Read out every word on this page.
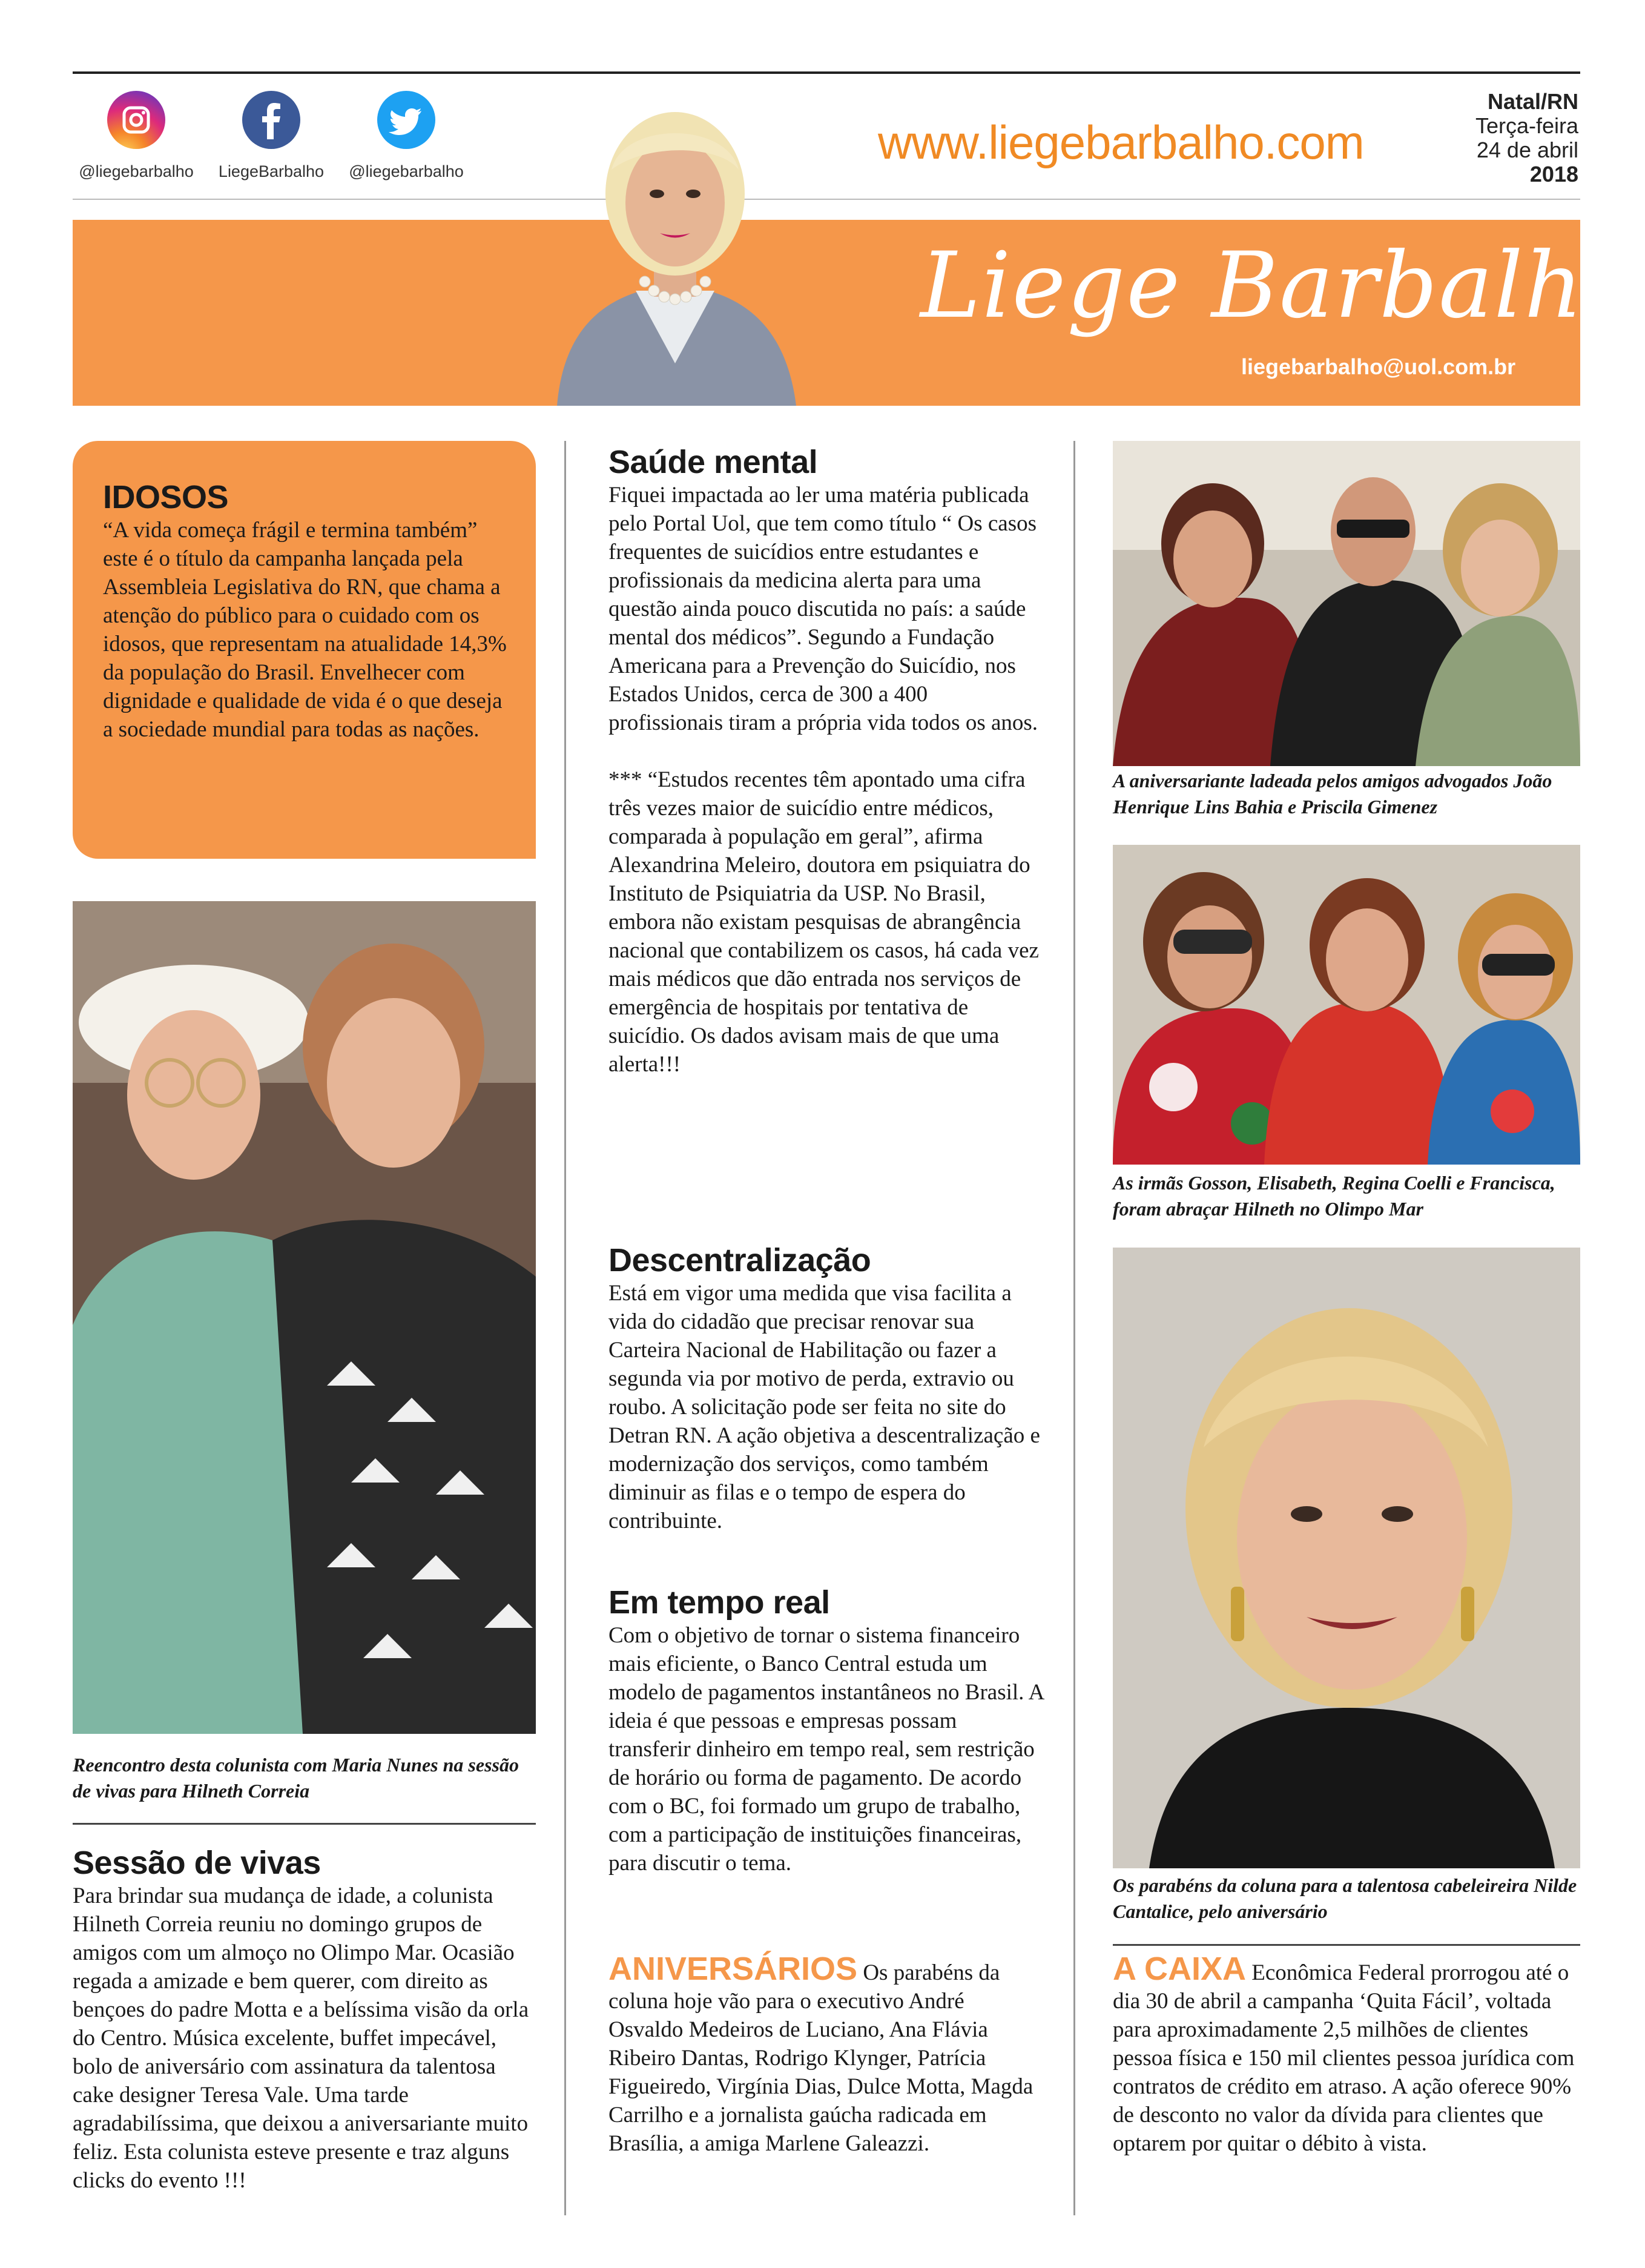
@liegebarbalho	LiegeBarbalho	@liegebarbalho
www.liegebarbalho.com
Natal/RN
Terça-feira
24 de abril
2018
Liege Barbalho
liegebarbalho@uol.com.br
IDOSOS

“A vida começa frágil e termina também” este é o título da campanha lançada pela Assembleia Legislativa do RN, que chama a atenção do público para o cuidado com os idosos, que representam na atualidade 14,3% da população do Brasil. Envelhecer com dignidade e qualidade de vida é o que deseja a sociedade mundial para todas as nações.

Reencontro desta colunista com Maria Nunes na sessão de vivas para Hilneth Correia
Sessão de vivas

Para brindar sua mudança de idade, a colunista Hilneth Correia reuniu no domingo grupos de amigos com um almoço no Olimpo Mar. Ocasião regada a amizade e bem querer, com direito as bençoes do padre Motta e a belíssima visão da orla do Centro. Música excelente, buffet impecável, bolo de aniversário com assinatura da talentosa cake designer Teresa Vale. Uma tarde agradabilíssima, que deixou a aniversariante muito feliz. Esta colunista esteve presente e traz alguns clicks do evento !!!

Saúde mental

Fiquei impactada ao ler uma matéria publicada pelo Portal Uol, que tem como título “ Os casos frequentes de suicídios entre estudantes e profissionais da medicina alerta para uma questão ainda pouco discutida no país: a saúde mental dos médicos”. Segundo a Fundação Americana para a Prevenção do Suicídio, nos Estados Unidos, cerca de 300 a 400 profissionais tiram a própria vida todos os anos.

*** “Estudos recentes têm apontado uma cifra três vezes maior de suicídio entre médicos, comparada à população em geral”, afirma Alexandrina Meleiro, doutora em psiquiatra do Instituto de Psiquiatria da USP. No Brasil, embora não existam pesquisas de abrangência nacional que contabilizem os casos, há cada vez mais médicos que dão entrada nos serviços de emergência de hospitais por tentativa de suicídio. Os dados avisam mais de que uma alerta!!!

Descentralização

Está em vigor uma medida que visa facilita a vida do cidadão que precisar renovar sua Carteira Nacional de Habilitação ou fazer a segunda via por motivo de perda, extravio ou roubo. A solicitação pode ser feita no site do Detran RN. A ação objetiva a descentralização e modernização dos serviços, como também diminuir as filas e o tempo de espera do contribuinte.

Em tempo real

Com o objetivo de tornar o sistema financeiro mais eficiente, o Banco Central estuda um modelo de pagamentos instantâneos no Brasil. A ideia é que pessoas e empresas possam transferir dinheiro em tempo real, sem restrição de horário ou forma de pagamento. De acordo com o BC, foi formado um grupo de trabalho, com a participação de instituições financeiras, para discutir o tema.

ANIVERSÁRIOS Os parabéns da coluna hoje vão para o executivo André Osvaldo Medeiros de Luciano, Ana Flávia Ribeiro Dantas, Rodrigo Klynger, Patrícia Figueiredo, Virgínia Dias, Dulce Motta, Magda Carrilho e a jornalista gaúcha radicada em Brasília, a amiga Marlene Galeazzi.

A aniversariante ladeada pelos amigos advogados João Henrique Lins Bahia e Priscila Gimenez
As irmãs Gosson, Elisabeth, Regina Coelli e Francisca, foram abraçar Hilneth no Olimpo Mar
Os parabéns da coluna para a talentosa cabeleireira Nilde Cantalice, pelo aniversário

A CAIXA Econômica Federal prorrogou até o dia 30 de abril a campanha ‘Quita Fácil’, voltada para aproximadamente 2,5 milhões de clientes pessoa física e 150 mil clientes pessoa jurídica com contratos de crédito em atraso. A ação oferece 90% de desconto no valor da dívida para clientes que optarem por quitar o débito à vista.
